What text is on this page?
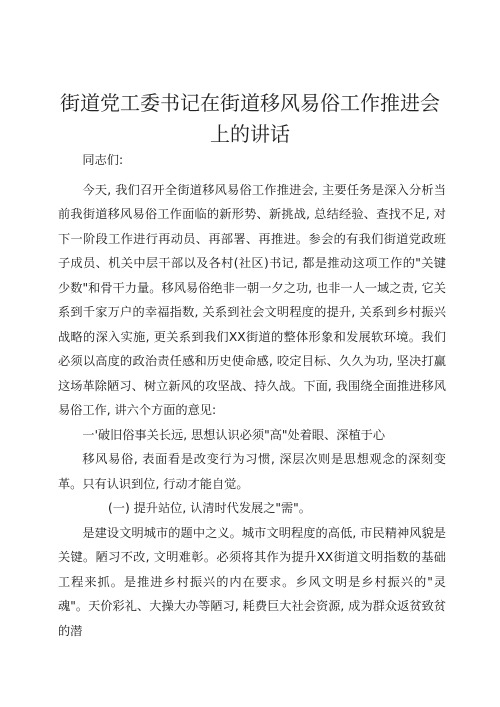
街道党工委书记在街道移风易俗工作推进会上的讲话

同志们:

今天, 我们召开全街道移风易俗工作推进会, 主要任务是深入分析当前我街道移风易俗工作面临的新形势、新挑战, 总结经验、查找不足, 对下一阶段工作进行再动员、再部署、再推进。参会的有我们街道党政班子成员、机关中层干部以及各村(社区)书记, 都是推动这项工作的"关键少数"和骨干力量。移风易俗绝非一朝一夕之功, 也非一人一域之责, 它关系到千家万户的幸福指数, 关系到社会文明程度的提升, 关系到乡村振兴战略的深入实施, 更关系到我们XX街道的整体形象和发展软环境。我们必须以高度的政治责任感和历史使命感, 咬定目标、久久为功, 坚决打赢这场革除陋习、树立新风的攻坚战、持久战。下面, 我围绕全面推进移风易俗工作, 讲六个方面的意见:

一'破旧俗事关长远, 思想认识必须"高"处着眼、深植于心

移风易俗, 表面看是改变行为习惯, 深层次则是思想观念的深刻变革。只有认识到位, 行动才能自觉。

(一) 提升站位, 认清时代发展之"需"。

是建设文明城市的题中之义。城市文明程度的高低, 市民精神风貌是关键。陋习不改, 文明难彰。必须将其作为提升XX街道文明指数的基础工程来抓。是推进乡村振兴的内在要求。乡风文明是乡村振兴的"灵魂"。天价彩礼、大操大办等陋习, 耗费巨大社会资源, 成为群众返贫致贫的潜
